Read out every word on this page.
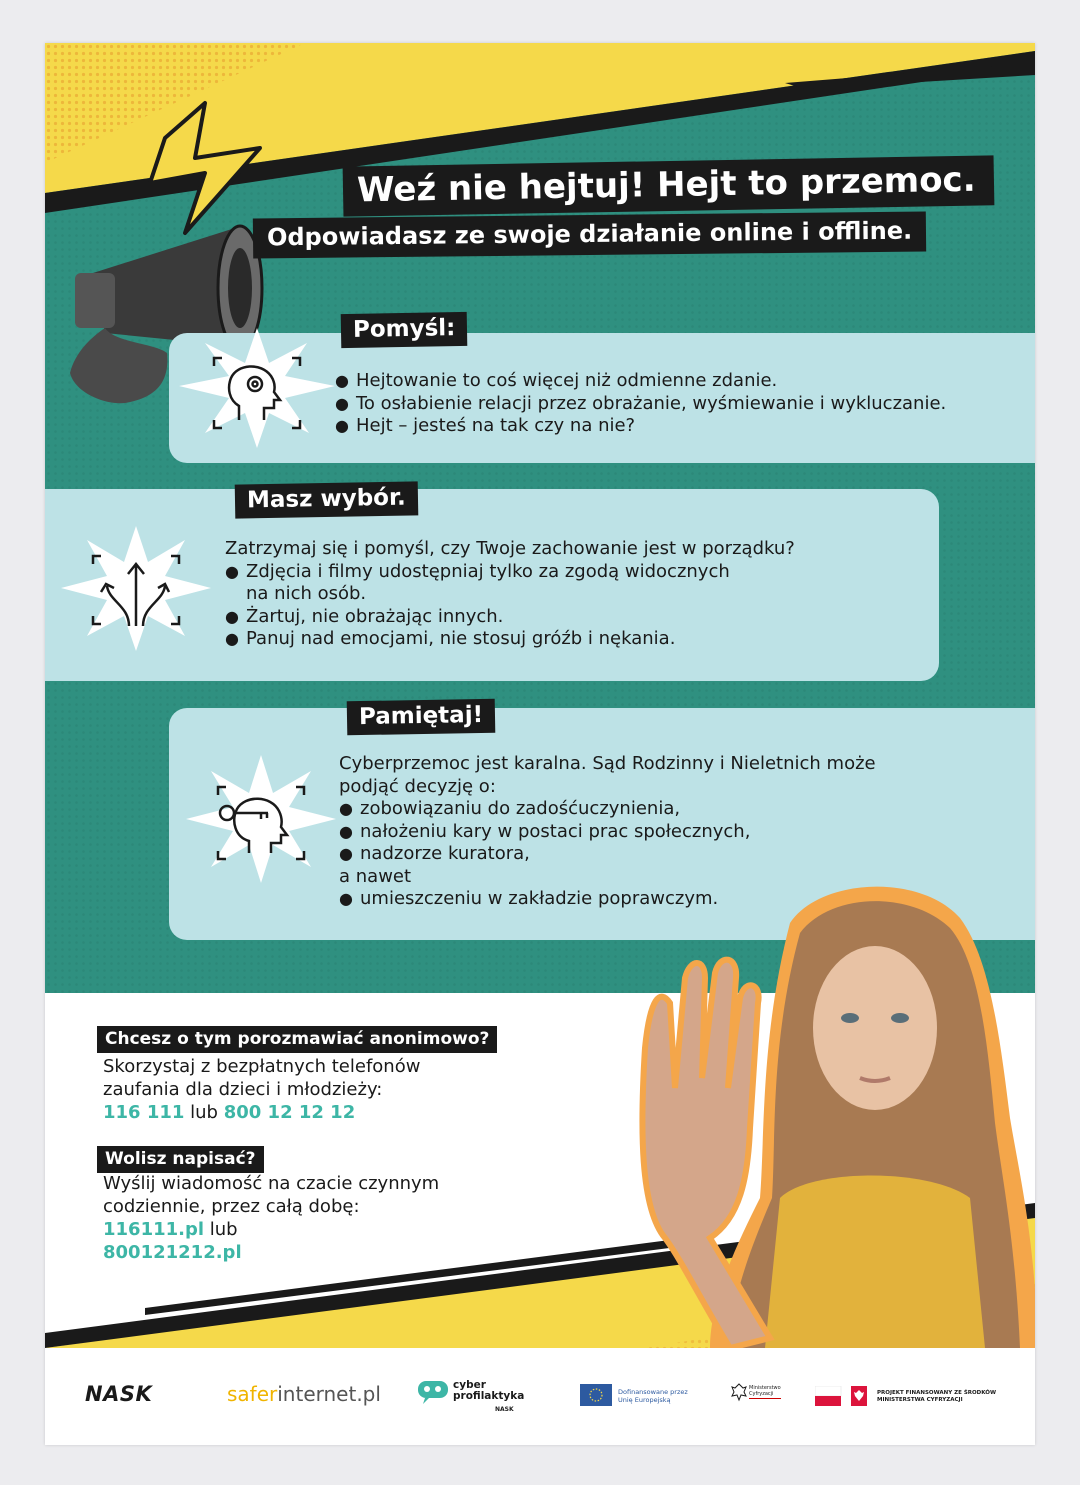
Weź nie hejtuj! Hejt to przemoc.
Odpowiadasz ze swoje działanie online i offline.
Pomyśl:
● Hejtowanie to coś więcej niż odmienne zdanie.
● To osłabienie relacji przez obrażanie, wyśmiewanie i wykluczanie.
● Hejt – jesteś na tak czy na nie?
Masz wybór.
Zatrzymaj się i pomyśl, czy Twoje zachowanie jest w porządku?
● Zdjęcia i filmy udostępniaj tylko za zgodą widocznych
na nich osób.
● Żartuj, nie obrażając innych.
● Panuj nad emocjami, nie stosuj gróźb i nękania.
Pamiętaj!
Cyberprzemoc jest karalna. Sąd Rodzinny i Nieletnich może
podjąć decyzję o:
● zobowiązaniu do zadośćuczynienia,
● nałożeniu kary w postaci prac społecznych,
● nadzorze kuratora,
a nawet
● umieszczeniu w zakładzie poprawczym.
Chcesz o tym porozmawiać anonimowo?
Skorzystaj z bezpłatnych telefonów
zaufania dla dzieci i młodzieży:
116 111 lub 800 12 12 12
Wolisz napisać?
Wyślij wiadomość na czacie czynnym
codziennie, przez całą dobę:
116111.pl lub
800121212.pl
NASK	saferinternet.pl	cyber
profilaktyka
NASK
Dofinansowane przez
Unię Europejską
Ministerstwo
Cyfryzacji	PROJEKT FINANSOWANY ZE ŚRODKÓW
MINISTERSTWA CYFRYZACJI
